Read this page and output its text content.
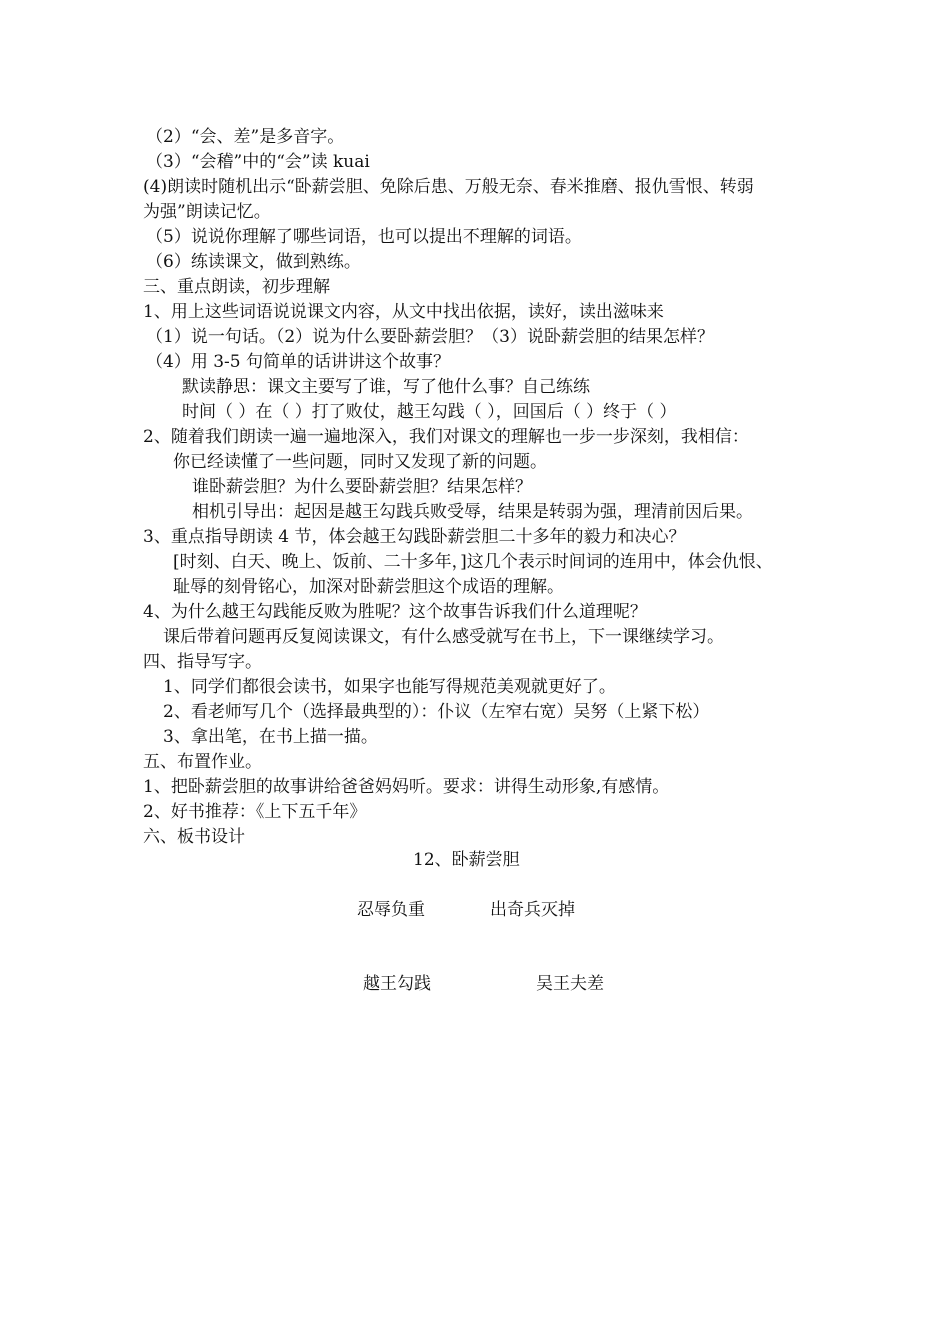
（2）“会、差”是多音字。
（3）“会稽”中的“会”读 kuai
(4)朗读时随机出示“卧薪尝胆、免除后患、万般无奈、春米推磨、报仇雪恨、转弱
为强”朗读记忆。
（5）说说你理解了哪些词语，也可以提出不理解的词语。
（6）练读课文，做到熟练。
三、重点朗读，初步理解
1、用上这些词语说说课文内容，从文中找出依据，读好，读出滋味来
（1）说一句话。（2）说为什么要卧薪尝胆？（3）说卧薪尝胆的结果怎样？
（4）用 3-5 句简单的话讲讲这个故事？
默读静思：课文主要写了谁，写了他什么事？自己练练
时间（ ）在（ ）打了败仗，越王勾践（ ），回国后（ ）终于（ ）
2、随着我们朗读一遍一遍地深入，我们对课文的理解也一步一步深刻，我相信：
你已经读懂了一些问题，同时又发现了新的问题。
谁卧薪尝胆？为什么要卧薪尝胆？结果怎样？
相机引导出：起因是越王勾践兵败受辱，结果是转弱为强，理清前因后果。
3、重点指导朗读 4 节，体会越王勾践卧薪尝胆二十多年的毅力和决心？
[时刻、白天、晚上、饭前、二十多年，]这几个表示时间词的连用中，体会仇恨、
耻辱的刻骨铭心，加深对卧薪尝胆这个成语的理解。
4、为什么越王勾践能反败为胜呢？这个故事告诉我们什么道理呢？
课后带着问题再反复阅读课文，有什么感受就写在书上，下一课继续学习。
四、指导写字。
1、同学们都很会读书，如果字也能写得规范美观就更好了。
2、看老师写几个（选择最典型的）：仆议（左窄右宽）吴努（上紧下松）
3、拿出笔，在书上描一描。
五、布置作业。
1、把卧薪尝胆的故事讲给爸爸妈妈听。要求：讲得生动形象,有感情。
2、好书推荐：《上下五千年》
六、板书设计
12、卧薪尝胆
忍辱负重	出奇兵灭掉
越王勾践	吴王夫差
